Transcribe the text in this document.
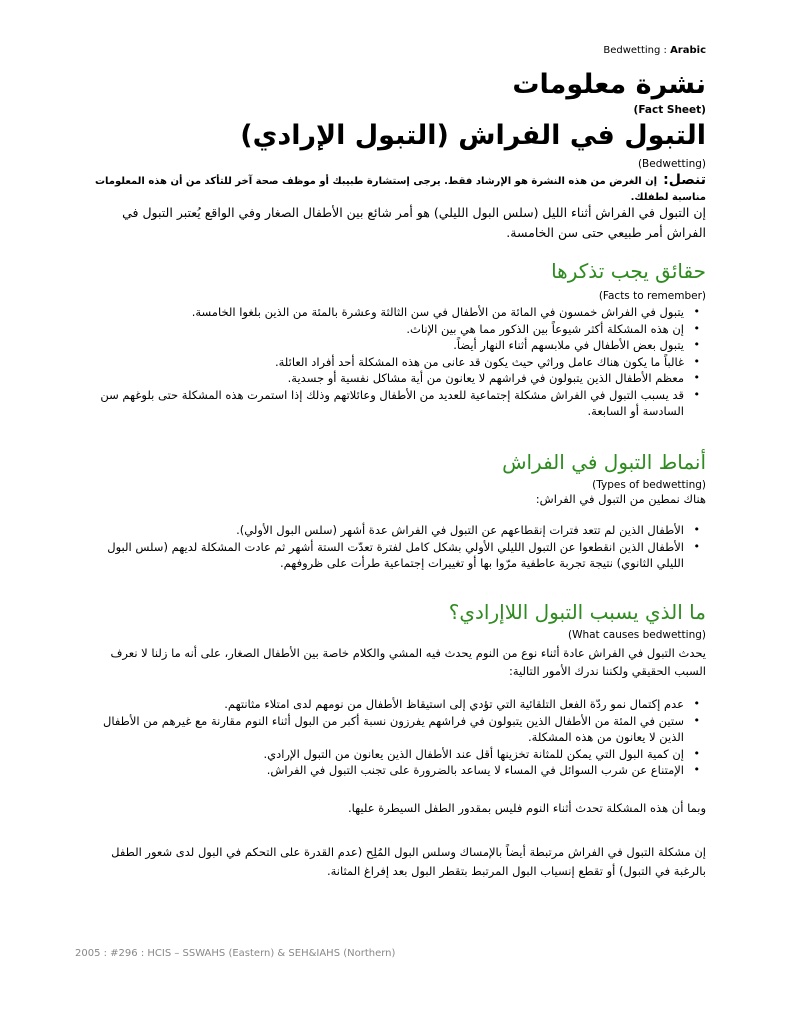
Bedwetting : Arabic
نشرة معلومات
(Fact Sheet)
التبول في الفراش (التبول الإرادي)
(Bedwetting)
تنصل:إن الغرض من هذه النشرة هو الإرشاد فقط. يرجى إستشارة طبيبك أو موظف صحة آخر للتأكد من أن هذه المعلومات مناسبة لطفلك.
إن التبول في الفراش أثناء الليل (سلس البول الليلي) هو أمر شائع بين الأطفال الصغار وفي الواقع يُعتبر التبول في الفراش أمر طبيعي حتى سن الخامسة.
حقائق يجب تذكرها
(Facts to remember)
• يتبول في الفراش خمسون في المائة من الأطفال في سن الثالثة وعشرة بالمئة من الذين بلغوا الخامسة.
• إن هذه المشكلة أكثر شيوعاً بين الذكور مما هي بين الإناث.
• يتبول بعض الأطفال في ملابسهم أثناء النهار أيضاً.
• غالباً ما يكون هناك عامل وراثي حيث يكون قد عانى من هذه المشكلة أحد أفراد العائلة.
• معظم الأطفال الذين يتبولون في فراشهم لا يعانون من أية مشاكل نفسية أو جسدية.
• قد يسبب التبول في الفراش مشكلة إجتماعية للعديد من الأطفال وعائلاتهم وذلك إذا استمرت هذه المشكلة حتى بلوغهم سن السادسة أو السابعة.
أنماط التبول في الفراش
(Types of bedwetting)
هناك نمطين من التبول في الفراش:
• الأطفال الذين لم تتعد فترات إنقطاعهم عن التبول في الفراش عدة أشهر (سلس البول الأولي).
• الأطفال الذين انقطعوا عن التبول الليلي الأولي بشكل كامل لفترة تعدّت الستة أشهر ثم عادت المشكلة لديهم (سلس البول الليلي الثانوي) نتيجة تجربة عاطفية مرّوا بها أو تغييرات إجتماعية طرأت على ظروفهم.
ما الذي يسبب التبول اللاإرادي؟
(What causes bedwetting)
يحدث التبول في الفراش عادة أثناء نوع من النوم يحدث فيه المشي والكلام خاصة بين الأطفال الصغار، على أنه ما زلنا لا نعرف السبب الحقيقي ولكننا ندرك الأمور التالية:
• عدم إكتمال نمو ردّة الفعل التلقائية التي تؤدي إلى استيقاظ الأطفال من نومهم لدى امتلاء مثانتهم.
• ستين في المئة من الأطفال الذين يتبولون في فراشهم يفرزون نسبة أكبر من البول أثناء النوم مقارنة مع غيرهم من الأطفال الذين لا يعانون من هذه المشكلة.
• إن كمية البول التي يمكن للمثانة تخزينها أقل عند الأطفال الذين يعانون من التبول الإرادي.
• الإمتناع عن شرب السوائل في المساء لا يساعد بالضرورة على تجنب التبول في الفراش.
وبما أن هذه المشكلة تحدث أثناء النوم فليس بمقدور الطفل السيطرة عليها.
إن مشكلة التبول في الفراش مرتبطة أيضاً بالإمساك وسلس البول المُلِح (عدم القدرة على التحكم في البول لدى شعور الطفل بالرغبة في التبول) أو تقطع إنسياب البول المرتبط بتقطر البول بعد إفراغ المثانة.
2005 : #296 : HCIS – SSWAHS (Eastern) & SEH&IAHS (Northern)
